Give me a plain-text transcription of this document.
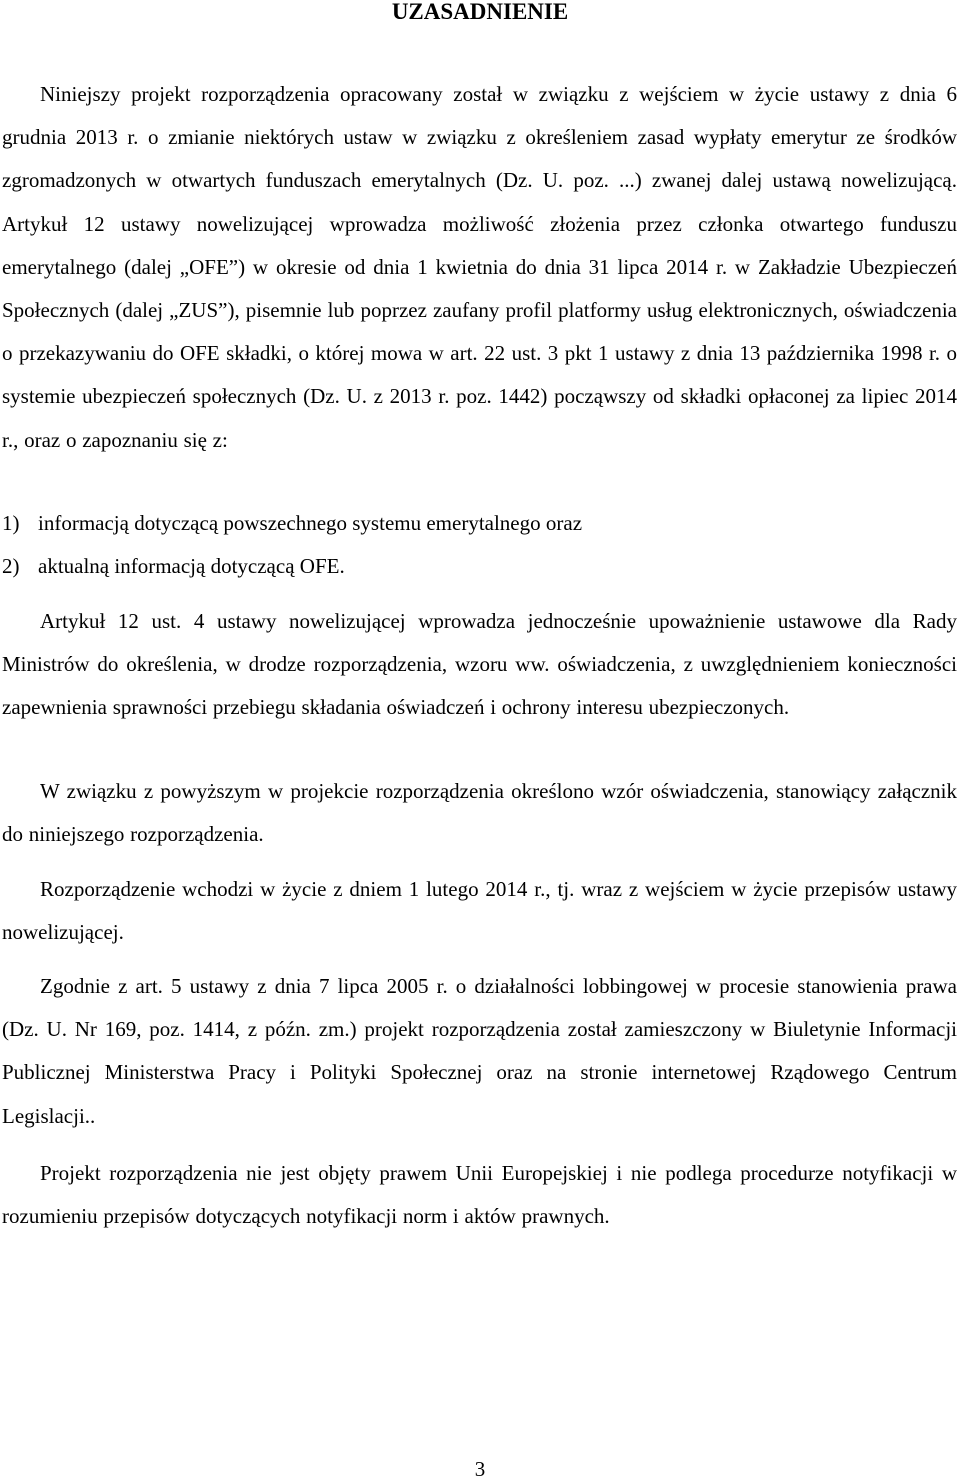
UZASADNIENIE

Niniejszy projekt rozporządzenia opracowany został w związku z wejściem w życie ustawy z dnia 6 grudnia 2013 r. o zmianie niektórych ustaw w związku z określeniem zasad wypłaty emerytur ze środków zgromadzonych w otwartych funduszach emerytalnych (Dz. U. poz. ...) zwanej dalej ustawą nowelizującą. Artykuł 12 ustawy nowelizującej wprowadza możliwość złożenia przez członka otwartego funduszu emerytalnego (dalej „OFE”) w okresie od dnia 1 kwietnia do dnia 31 lipca 2014 r. w Zakładzie Ubezpieczeń Społecznych (dalej „ZUS”), pisemnie lub poprzez zaufany profil platformy usług elektronicznych, oświadczenia o przekazywaniu do OFE składki, o której mowa w art. 22 ust. 3 pkt 1 ustawy z dnia 13 października 1998 r. o systemie ubezpieczeń społecznych (Dz. U. z 2013 r. poz. 1442) począwszy od składki opłaconej za lipiec 2014 r., oraz o zapoznaniu się z:

1) informacją dotyczącą powszechnego systemu emerytalnego oraz
2) aktualną informacją dotyczącą OFE.

Artykuł 12 ust. 4 ustawy nowelizującej wprowadza jednocześnie upoważnienie ustawowe dla Rady Ministrów do określenia, w drodze rozporządzenia, wzoru ww. oświadczenia, z uwzględnieniem konieczności zapewnienia sprawności przebiegu składania oświadczeń i ochrony interesu ubezpieczonych.

W związku z powyższym w projekcie rozporządzenia określono wzór oświadczenia, stanowiący załącznik do niniejszego rozporządzenia.

Rozporządzenie wchodzi w życie z dniem 1 lutego 2014 r., tj. wraz z wejściem w życie przepisów ustawy nowelizującej.

Zgodnie z art. 5 ustawy z dnia 7 lipca 2005 r. o działalności lobbingowej w procesie stanowienia prawa (Dz. U. Nr 169, poz. 1414, z późn. zm.) projekt rozporządzenia został zamieszczony w Biuletynie Informacji Publicznej Ministerstwa Pracy i Polityki Społecznej oraz na stronie internetowej Rządowego Centrum Legislacji..

Projekt rozporządzenia nie jest objęty prawem Unii Europejskiej i nie podlega procedurze notyfikacji w rozumieniu przepisów dotyczących notyfikacji norm i aktów prawnych.

3
